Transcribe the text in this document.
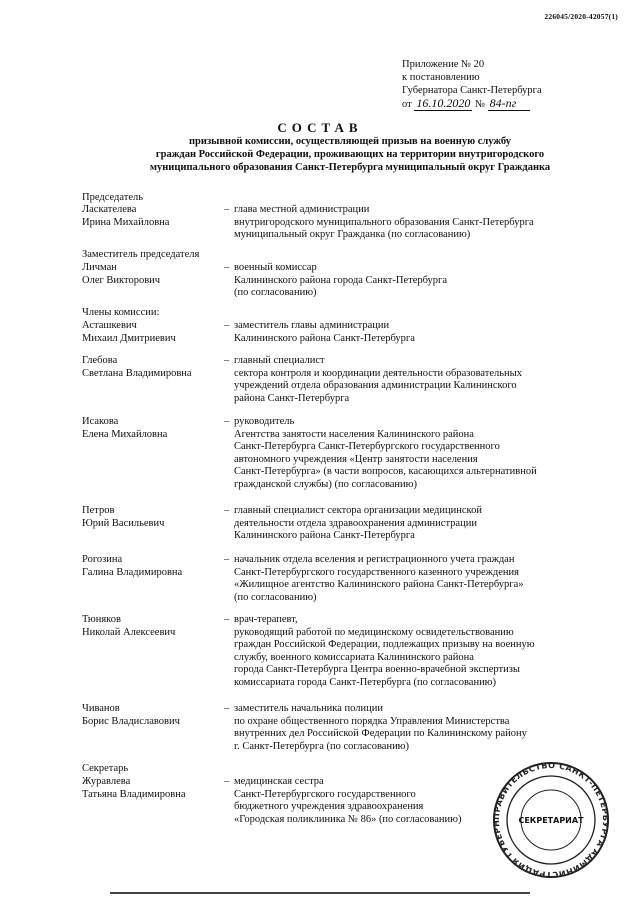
226045/2020-42057(1)
Приложение № 20
к постановлению
Губернатора Санкт-Петербурга
от 16.10.2020 № 84-пг
СОСТАВ
призывной комиссии, осуществляющей призыв на военную службу
граждан Российской Федерации, проживающих на территории внутригородского
муниципального образования Санкт-Петербурга муниципальный округ Гражданка
Председатель
Ласкателева
Ирина Михайловна
– глава местной администрации
внутригородского муниципального образования Санкт-Петербурга
муниципальный округ Гражданка (по согласованию)
Заместитель председателя
Личман
Олег Викторович
– военный комиссар
Калининского района города Санкт-Петербурга
(по согласованию)
Члены комиссии:
Асташкевич
Михаил Дмитриевич
– заместитель главы администрации
Калининского района Санкт-Петербурга
Глебова
Светлана Владимировна
– главный специалист
сектора контроля и координации деятельности образовательных
учреждений отдела образования администрации Калининского
района Санкт-Петербурга
Исакова
Елена Михайловна
– руководитель
Агентства занятости населения Калининского района
Санкт-Петербурга Санкт-Петербургского государственного
автономного учреждения «Центр занятости населения
Санкт-Петербурга» (в части вопросов, касающихся альтернативной
гражданской службы) (по согласованию)
Петров
Юрий Васильевич
– главный специалист сектора организации медицинской
деятельности отдела здравоохранения администрации
Калининского района Санкт-Петербурга
Рогозина
Галина Владимировна
– начальник отдела вселения и регистрационного учета граждан
Санкт-Петербургского государственного казенного учреждения
«Жилищное агентство Калининского района Санкт-Петербурга»
(по согласованию)
Тюняков
Николай Алексеевич
– врач-терапевт,
руководящий работой по медицинскому освидетельствованию
граждан Российской Федерации, подлежащих призыву на военную
службу, военного комиссариата Калининского района
города Санкт-Петербурга Центра военно-врачебной экспертизы
комиссариата города Санкт-Петербурга (по согласованию)
Чиванов
Борис Владиславович
– заместитель начальника полиции
по охране общественного порядка Управления Министерства
внутренних дел Российской Федерации по Калининскому району
г. Санкт-Петербурга (по согласованию)
Секретарь
Журавлева
Татьяна Владимировна
– медицинская сестра
Санкт-Петербургского государственного
бюджетного учреждения здравоохранения
«Городская поликлиника № 86» (по согласованию)	ПРАВИТЕЛЬСТВО САНКТ-ПЕТЕРБУРГА АДМИНИСТРАЦИЯ ГУБЕРН	СЕКРЕТАРИАТ
